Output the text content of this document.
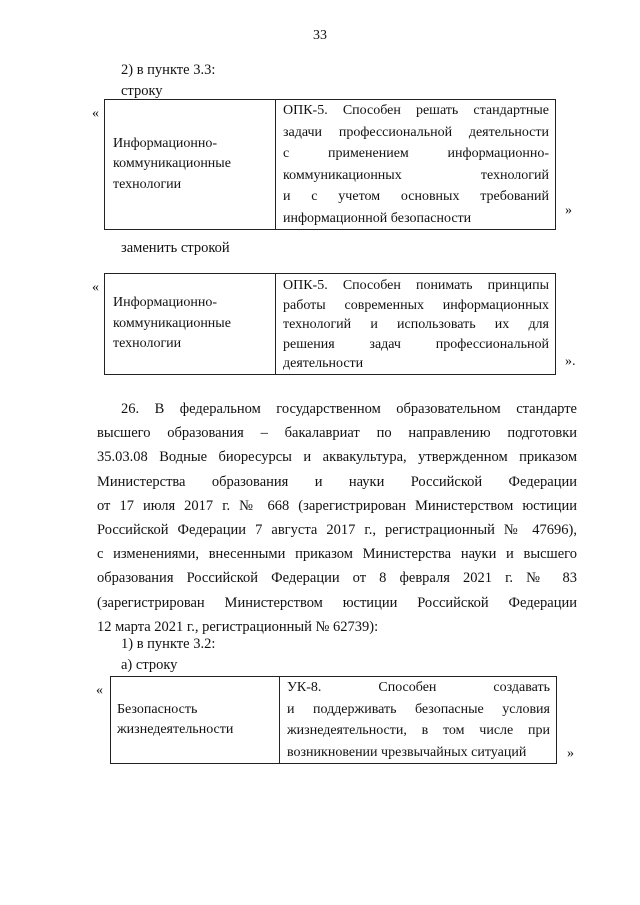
33
2) в пункте 3.3:
строку
«
Информационно-
коммуникационные
технологии

ОПК-5. Способен решать стандартные
задачи профессиональной деятельности
с применением информационно-
коммуникационных технологий
и с учетом основных требований
информационной безопасности	»
заменить строкой
«
Информационно-
коммуникационные
технологии

ОПК-5. Способен понимать принципы
работы современных информационных
технологий и использовать их для
решения задач профессиональной
деятельности	».
26. В федеральном государственном образовательном стандарте
высшего образования – бакалавриат по направлению подготовки
35.03.08 Водные биоресурсы и аквакультура, утвержденном приказом
Министерства образования и науки Российской Федерации
от 17 июля 2017 г. № 668 (зарегистрирован Министерством юстиции
Российской Федерации 7 августа 2017 г., регистрационный № 47696),
с изменениями, внесенными приказом Министерства науки и высшего
образования Российской Федерации от 8 февраля 2021 г. № 83
(зарегистрирован Министерством юстиции Российской Федерации
12 марта 2021 г., регистрационный № 62739):
1) в пункте 3.2:
а) строку
«
Безопасность
жизнедеятельности

УК-8. Способен создавать
и поддерживать безопасные условия
жизнедеятельности, в том числе при
возникновении чрезвычайных ситуаций	»
